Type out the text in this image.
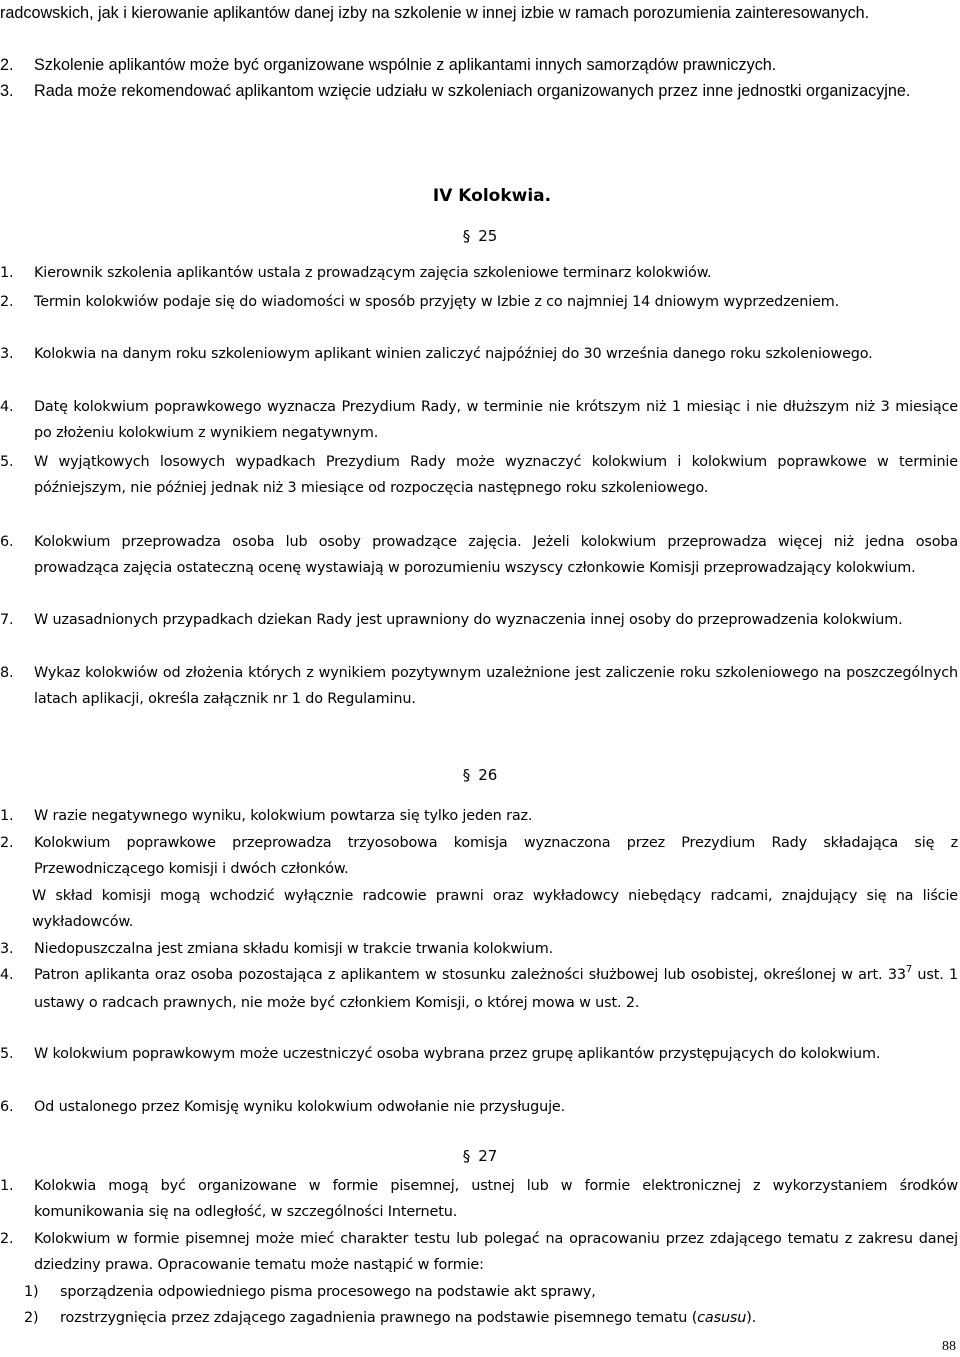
radcowskich, jak i kierowanie aplikantów danej izby na szkolenie w innej izbie w ramach porozumienia zainteresowanych.
2. Szkolenie aplikantów może być organizowane wspólnie z aplikantami innych samorządów prawniczych.
3. Rada może rekomendować aplikantom wzięcie udziału w szkoleniach organizowanych przez inne jednostki organizacyjne.
IV Kolokwia.
§ 25
1. Kierownik szkolenia aplikantów ustala z prowadzącym zajęcia szkoleniowe terminarz kolokwiów.
2. Termin kolokwiów podaje się do wiadomości w sposób przyjęty w Izbie z co najmniej 14 dniowym wyprzedzeniem.
3. Kolokwia na danym roku szkoleniowym aplikant winien zaliczyć najpóźniej do 30 września danego roku szkoleniowego.
4. Datę kolokwium poprawkowego wyznacza Prezydium Rady, w terminie nie krótszym niż 1 miesiąc i nie dłuższym niż 3 miesiące po złożeniu kolokwium z wynikiem negatywnym.
5. W wyjątkowych losowych wypadkach Prezydium Rady może wyznaczyć kolokwium i kolokwium poprawkowe w terminie późniejszym, nie później jednak niż 3 miesiące od rozpoczęcia następnego roku szkoleniowego.
6. Kolokwium przeprowadza osoba lub osoby prowadzące zajęcia. Jeżeli kolokwium przeprowadza więcej niż jedna osoba prowadząca zajęcia ostateczną ocenę wystawiają w porozumieniu wszyscy członkowie Komisji przeprowadzający kolokwium.
7. W uzasadnionych przypadkach dziekan Rady jest uprawniony do wyznaczenia innej osoby do przeprowadzenia kolokwium.
8. Wykaz kolokwiów od złożenia których z wynikiem pozytywnym uzależnione jest zaliczenie roku szkoleniowego na poszczególnych latach aplikacji, określa załącznik nr 1 do Regulaminu.
§ 26
1. W razie negatywnego wyniku, kolokwium powtarza się tylko jeden raz.
2. Kolokwium poprawkowe przeprowadza trzyosobowa komisja wyznaczona przez Prezydium Rady składająca się z Przewodniczącego komisji i dwóch członków.
W skład komisji mogą wchodzić wyłącznie radcowie prawni oraz wykładowcy niebędący radcami, znajdujący się na liście wykładowców.
3. Niedopuszczalna jest zmiana składu komisji w trakcie trwania kolokwium.
4. Patron aplikanta oraz osoba pozostająca z aplikantem w stosunku zależności służbowej lub osobistej, określonej w art. $33^7$ ust. 1 ustawy o radcach prawnych, nie może być członkiem Komisji, o której mowa w ust. 2.
5. W kolokwium poprawkowym może uczestniczyć osoba wybrana przez grupę aplikantów przystępujących do kolokwium.
6. Od ustalonego przez Komisję wyniku kolokwium odwołanie nie przysługuje.
§ 27
1. Kolokwia mogą być organizowane w formie pisemnej, ustnej lub w formie elektronicznej z wykorzystaniem środków komunikowania się na odległość, w szczególności Internetu.
2. Kolokwium w formie pisemnej może mieć charakter testu lub polegać na opracowaniu przez zdającego tematu z zakresu danej dziedziny prawa. Opracowanie tematu może nastąpić w formie:
1) sporządzenia odpowiedniego pisma procesowego na podstawie akt sprawy,
2) rozstrzygnięcia przez zdającego zagadnienia prawnego na podstawie pisemnego tematu (casusu).
88
